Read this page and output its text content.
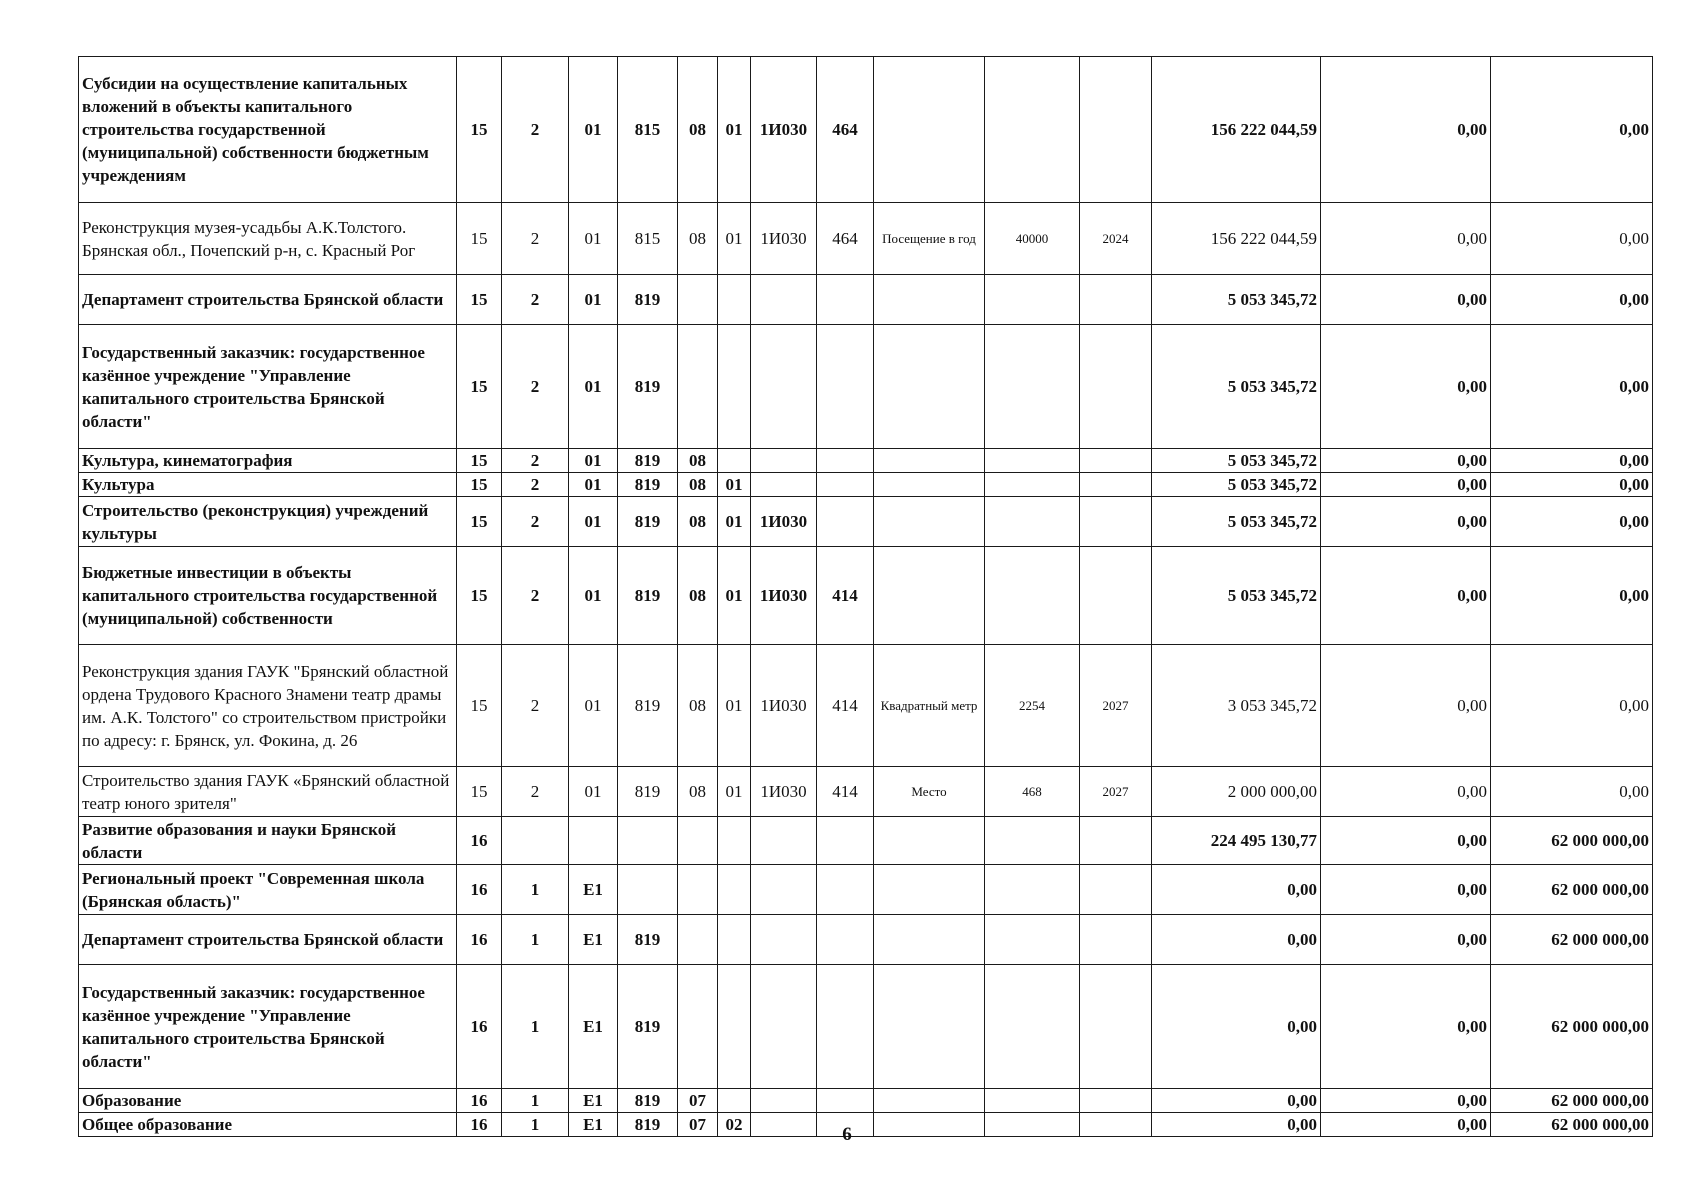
Субсидии на осуществление капитальных вложений в объекты капитального строительства государственной (муниципальной) собственности бюджетным учреждениям	15	2	01	815	08	01	1И030	464				156 222 044,59	0,00	0,00
Реконструкция музея-усадьбы А.К.Толстого. Брянская обл., Почепский р-н, с. Красный Рог	15	2	01	815	08	01	1И030	464	Посещение в год	40000	2024	156 222 044,59	0,00	0,00
Департамент строительства Брянской области	15	2	01	819								5 053 345,72	0,00	0,00
Государственный заказчик: государственное казённое учреждение "Управление капитального строительства Брянской области"	15	2	01	819								5 053 345,72	0,00	0,00
Культура, кинематография	15	2	01	819	08							5 053 345,72	0,00	0,00
Культура	15	2	01	819	08	01						5 053 345,72	0,00	0,00
Строительство (реконструкция) учреждений культуры	15	2	01	819	08	01	1И030					5 053 345,72	0,00	0,00
Бюджетные инвестиции в объекты капитального строительства государственной (муниципальной) собственности	15	2	01	819	08	01	1И030	414				5 053 345,72	0,00	0,00
Реконструкция здания ГАУК "Брянский областной ордена Трудового Красного Знамени театр драмы им. А.К. Толстого" со строительством пристройки по адресу: г. Брянск, ул. Фокина, д. 26	15	2	01	819	08	01	1И030	414	Квадратный метр	2254	2027	3 053 345,72	0,00	0,00
Строительство здания ГАУК «Брянский областной театр юного зрителя"	15	2	01	819	08	01	1И030	414	Место	468	2027	2 000 000,00	0,00	0,00
Развитие образования и науки Брянской области	16											224 495 130,77	0,00	62 000 000,00
Региональный проект "Современная школа (Брянская область)"	16	1	Е1									0,00	0,00	62 000 000,00
Департамент строительства Брянской области	16	1	Е1	819								0,00	0,00	62 000 000,00
Государственный заказчик: государственное казённое учреждение "Управление капитального строительства Брянской области"	16	1	Е1	819								0,00	0,00	62 000 000,00
Образование	16	1	Е1	819	07							0,00	0,00	62 000 000,00
Общее образование	16	1	Е1	819	07	02						0,00	0,00	62 000 000,00
6
